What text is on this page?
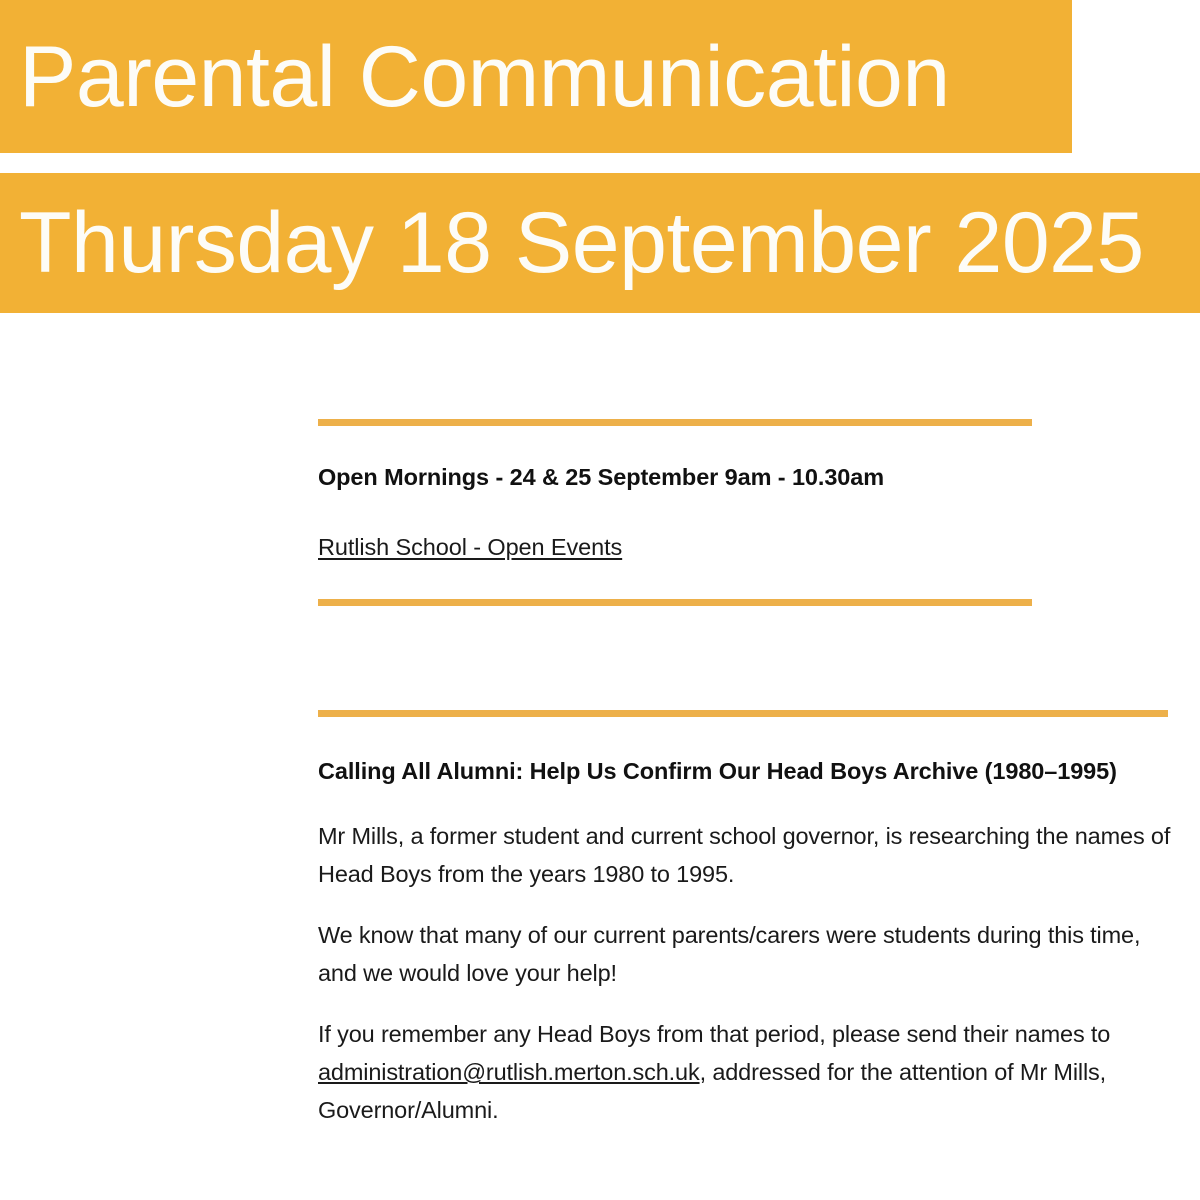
Parental Communication
Thursday 18 September 2025

Open Mornings - 24 & 25 September 9am - 10.30am

Rutlish School - Open Events

Calling All Alumni: Help Us Confirm Our Head Boys Archive (1980–1995)

Mr Mills, a former student and current school governor, is researching the names of Head Boys from the years 1980 to 1995.

We know that many of our current parents/carers were students during this time, and we would love your help!

If you remember any Head Boys from that period, please send their names to administration@rutlish.merton.sch.uk, addressed for the attention of Mr Mills, Governor/Alumni.
